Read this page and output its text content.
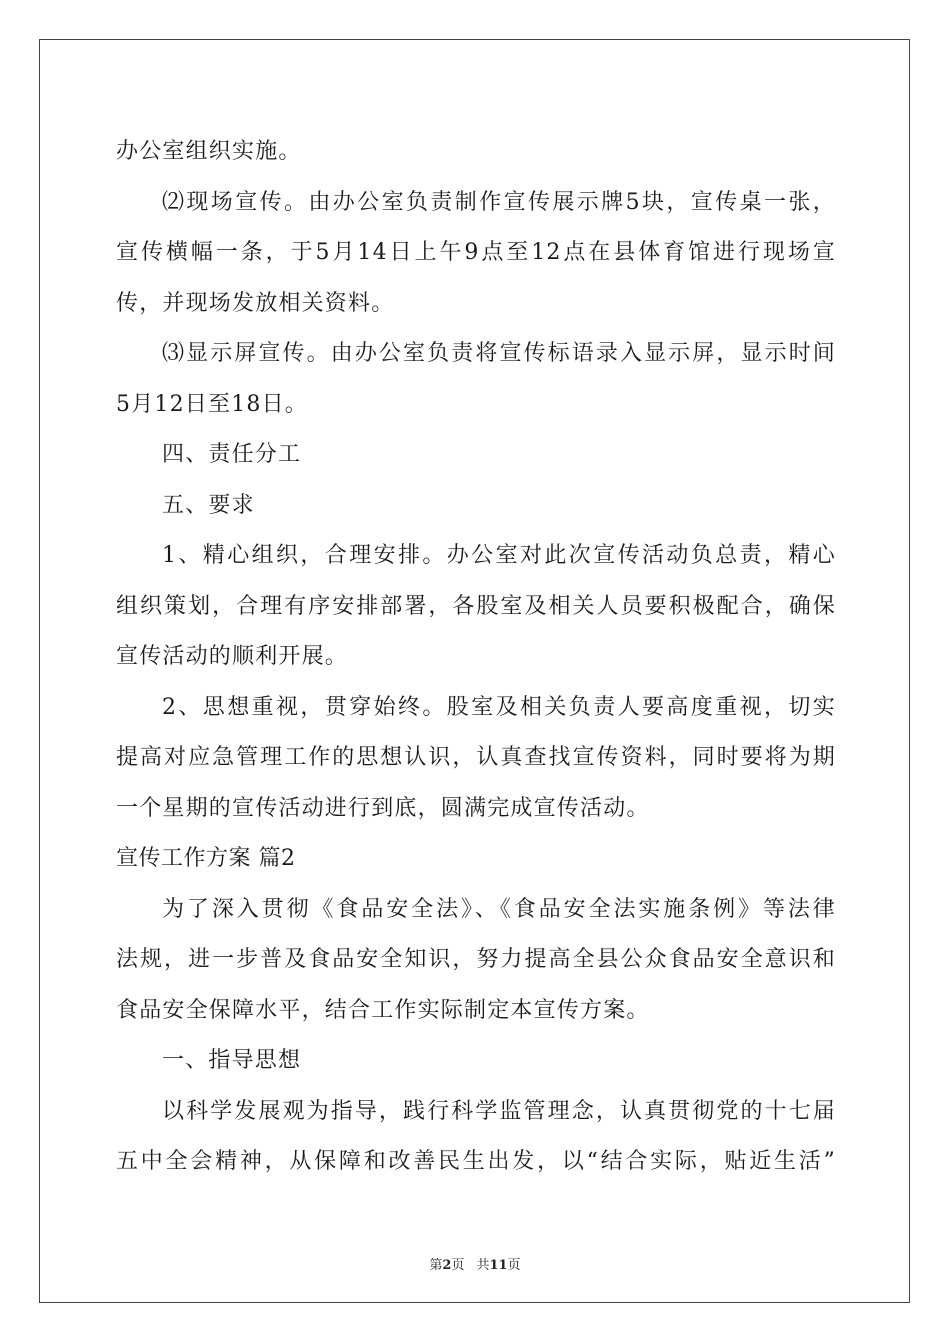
办公室组织实施。
⑵现场宣传。由办公室负责制作宣传展示牌5块，宣传桌一张，
宣传横幅一条，于5月14日上午9点至12点在县体育馆进行现场宣
传，并现场发放相关资料。
⑶显示屏宣传。由办公室负责将宣传标语录入显示屏，显示时间
5月12日至18日。
四、责任分工
五、要求
1、精心组织，合理安排。办公室对此次宣传活动负总责，精心
组织策划，合理有序安排部署，各股室及相关人员要积极配合，确保
宣传活动的顺利开展。
2、思想重视，贯穿始终。股室及相关负责人要高度重视，切实
提高对应急管理工作的思想认识，认真查找宣传资料，同时要将为期
一个星期的宣传活动进行到底，圆满完成宣传活动。
宣传工作方案 篇2
为了深入贯彻《食品安全法》、《食品安全法实施条例》等法律
法规，进一步普及食品安全知识，努力提高全县公众食品安全意识和
食品安全保障水平，结合工作实际制定本宣传方案。
一、指导思想
以科学发展观为指导，践行科学监管理念，认真贯彻党的十七届
五中全会精神，从保障和改善民生出发，以“结合实际，贴近生活”
第2页 共11页
